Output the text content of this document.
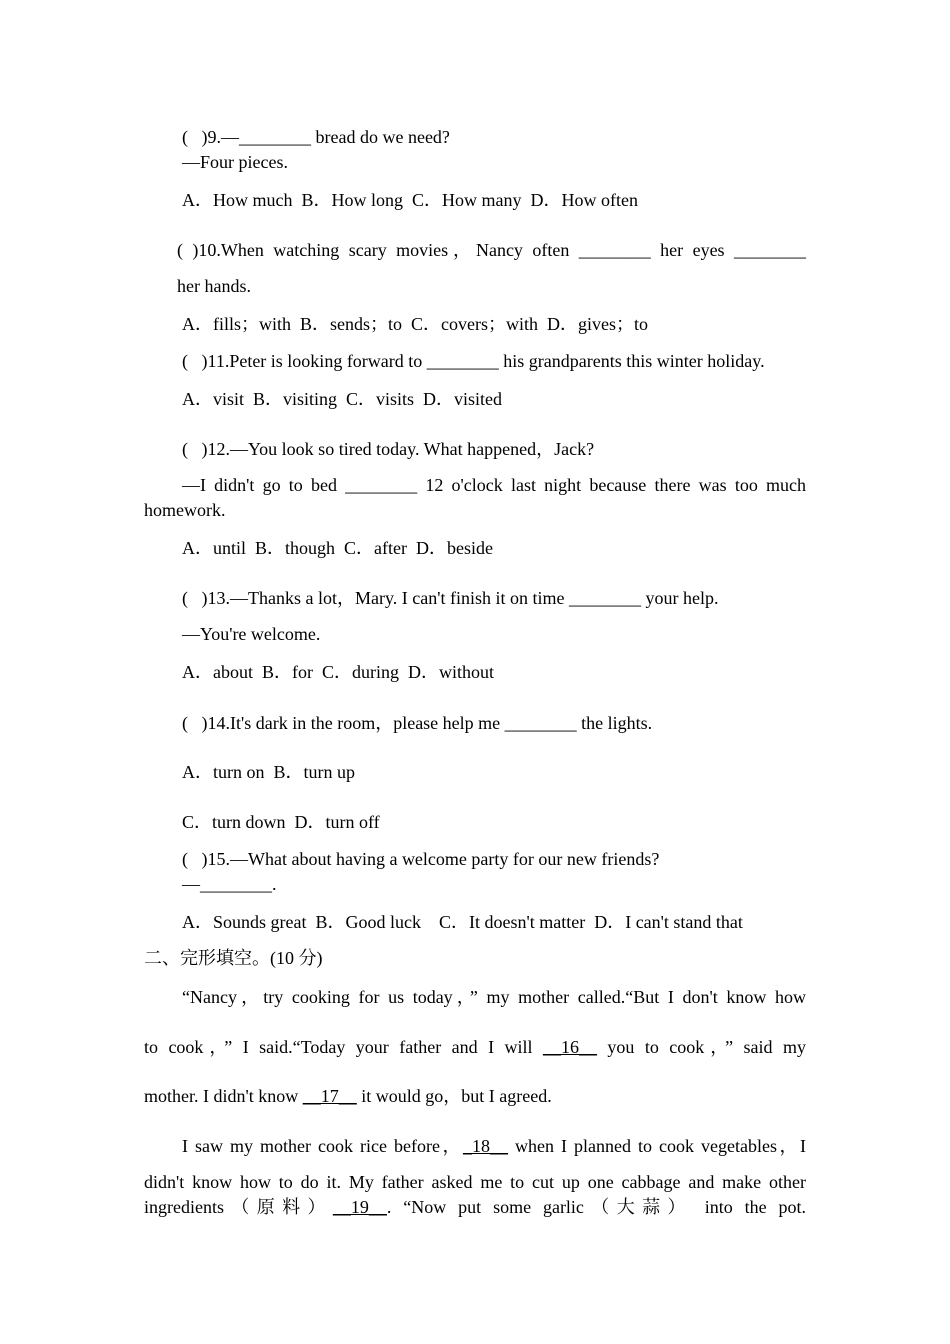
(   )9.—________ bread do we need?
—Four pieces.
A．How much  B．How long  C．How many  D．How often
( )10.When watching scary movies，Nancy often ________ her eyes ________
her hands.
A．fills；with  B．sends；to  C．covers；with  D．gives；to
(   )11.Peter is looking forward to ________ his grandparents this winter holiday.
A．visit  B．visiting  C．visits  D．visited
(   )12.—You look so tired today. What happened，Jack?
—I didn't go to bed ________ 12 o'clock last night because there was too much
homework.
A．until  B．though  C．after  D．beside
(   )13.—Thanks a lot，Mary. I can't finish it on time ________ your help.
—You're welcome.
A．about  B．for  C．during  D．without
(   )14.It's dark in the room，please help me ________ the lights.
A．turn on  B．turn up
C．turn down  D．turn off
(   )15.—What about having a welcome party for our new friends?
—________.
A．Sounds great  B．Good luck    C．It doesn't matter  D．I can't stand that
二、完形填空。(10 分)
“Nancy，try cooking for us today，” my mother called.“But I don't know how
to cook，” I said.“Today your father and I will __16__ you to cook，” said my
mother. I didn't know __17__ it would go，but I agreed.
I saw my mother cook rice before，_18__ when I planned to cook vegetables，I
didn't know how to do it. My father asked me to cut up one cabbage and make other
ingredients（原料）__19__. “Now put some garlic（大蒜） into the pot.
